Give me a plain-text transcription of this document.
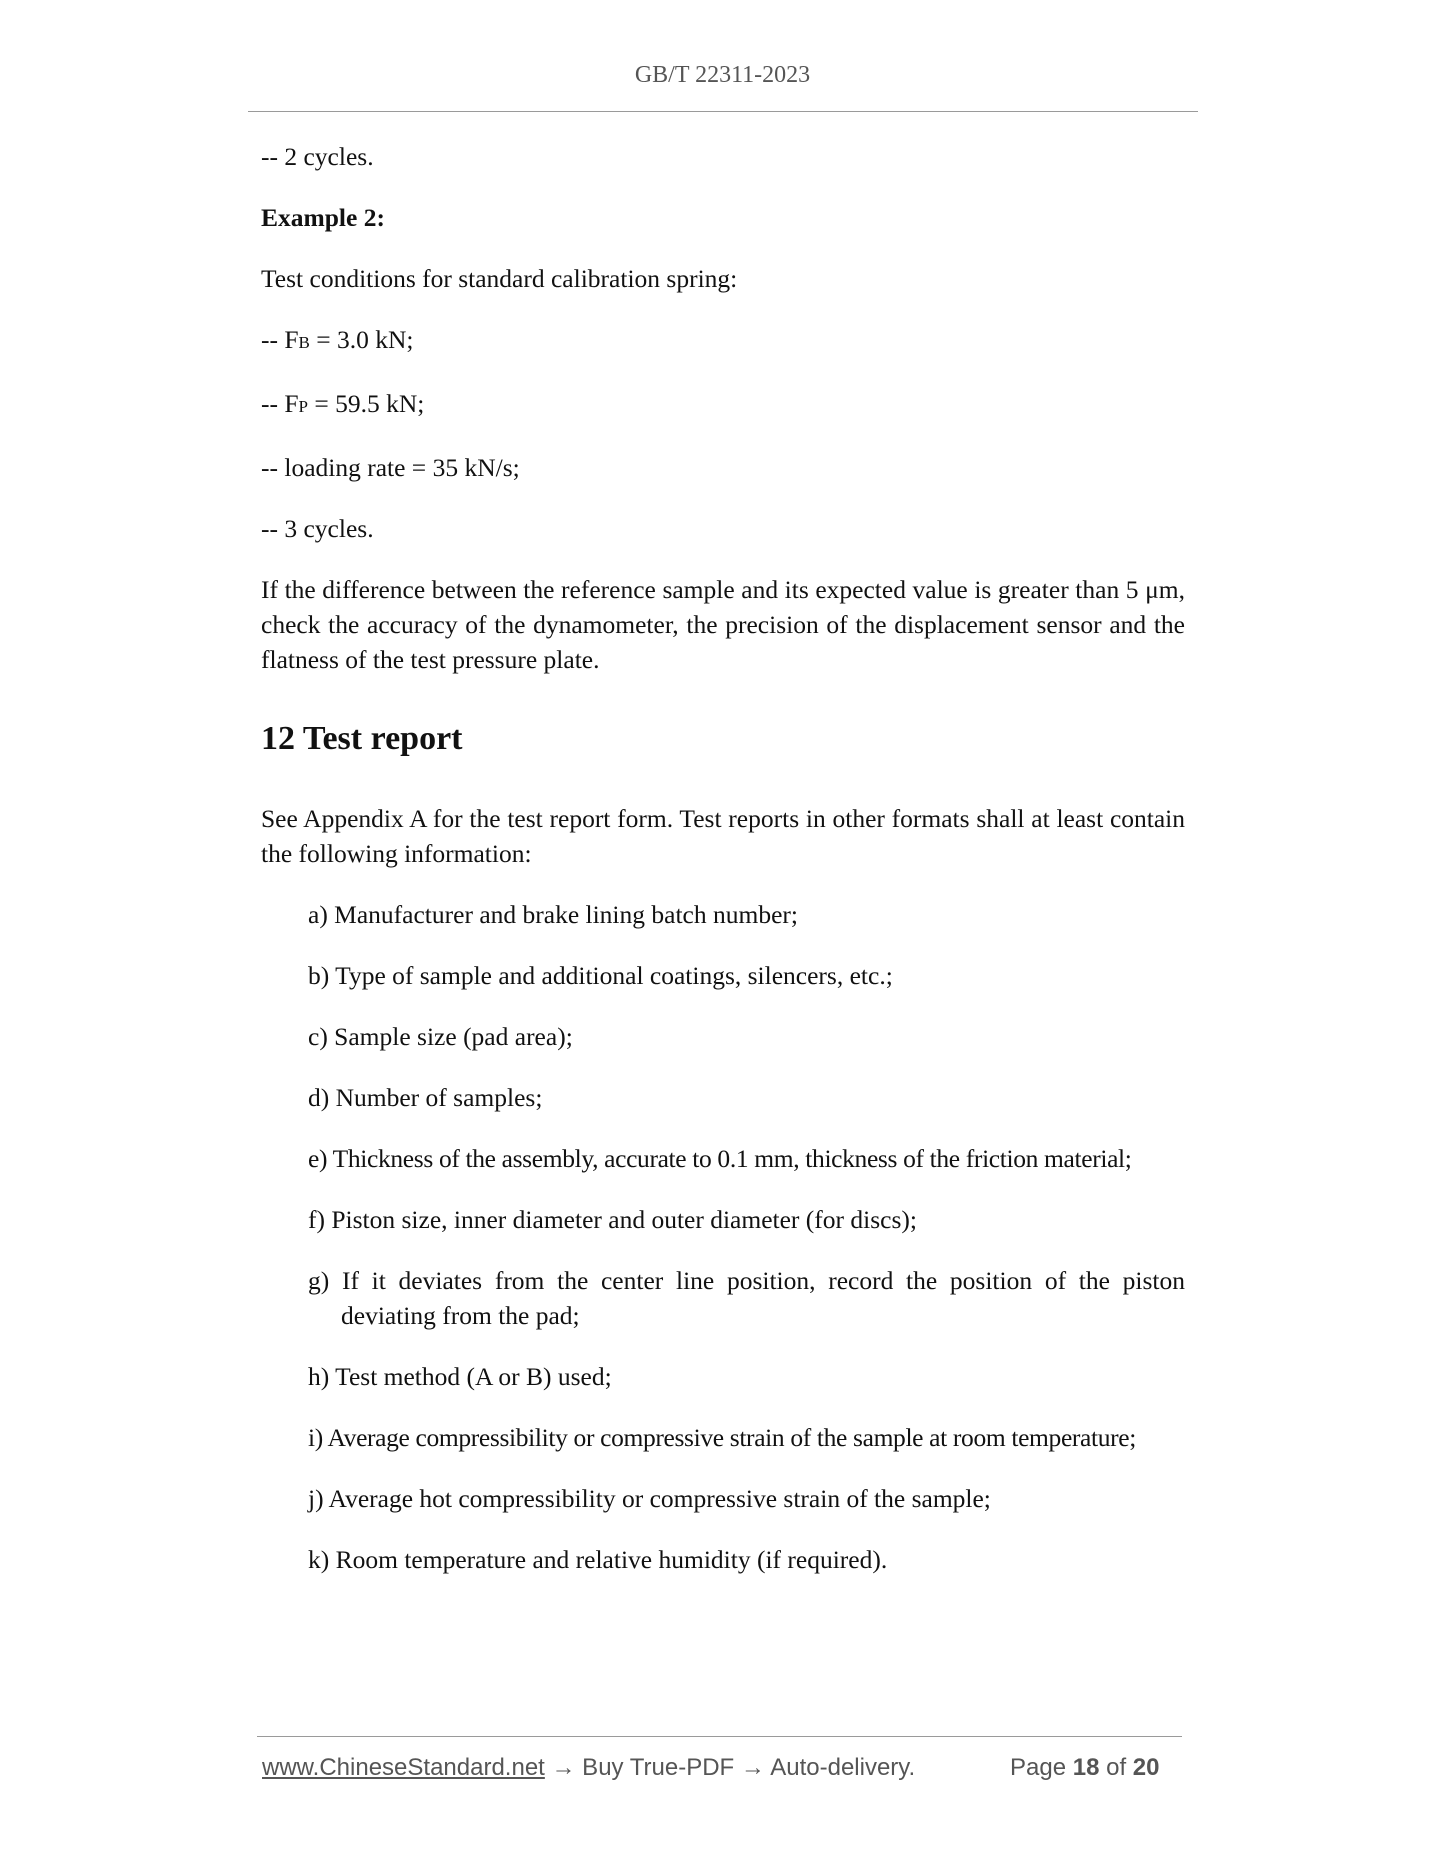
GB/T 22311-2023

-- 2 cycles.

Example 2:

Test conditions for standard calibration spring:

-- FB = 3.0 kN;

-- FP = 59.5 kN;

-- loading rate = 35 kN/s;

-- 3 cycles.

If the difference between the reference sample and its expected value is greater than 5 μm, check the accuracy of the dynamometer, the precision of the displacement sensor and the flatness of the test pressure plate.

12 Test report

See Appendix A for the test report form. Test reports in other formats shall at least contain the following information:

a) Manufacturer and brake lining batch number;
b) Type of sample and additional coatings, silencers, etc.;
c) Sample size (pad area);
d) Number of samples;
e) Thickness of the assembly, accurate to 0.1 mm, thickness of the friction material;
f) Piston size, inner diameter and outer diameter (for discs);
g) If it deviates from the center line position, record the position of the piston deviating from the pad;
h) Test method (A or B) used;
i) Average compressibility or compressive strain of the sample at room temperature;
j) Average hot compressibility or compressive strain of the sample;
k) Room temperature and relative humidity (if required).
www.ChineseStandard.net → Buy True-PDF → Auto-delivery.	Page 18 of 20
